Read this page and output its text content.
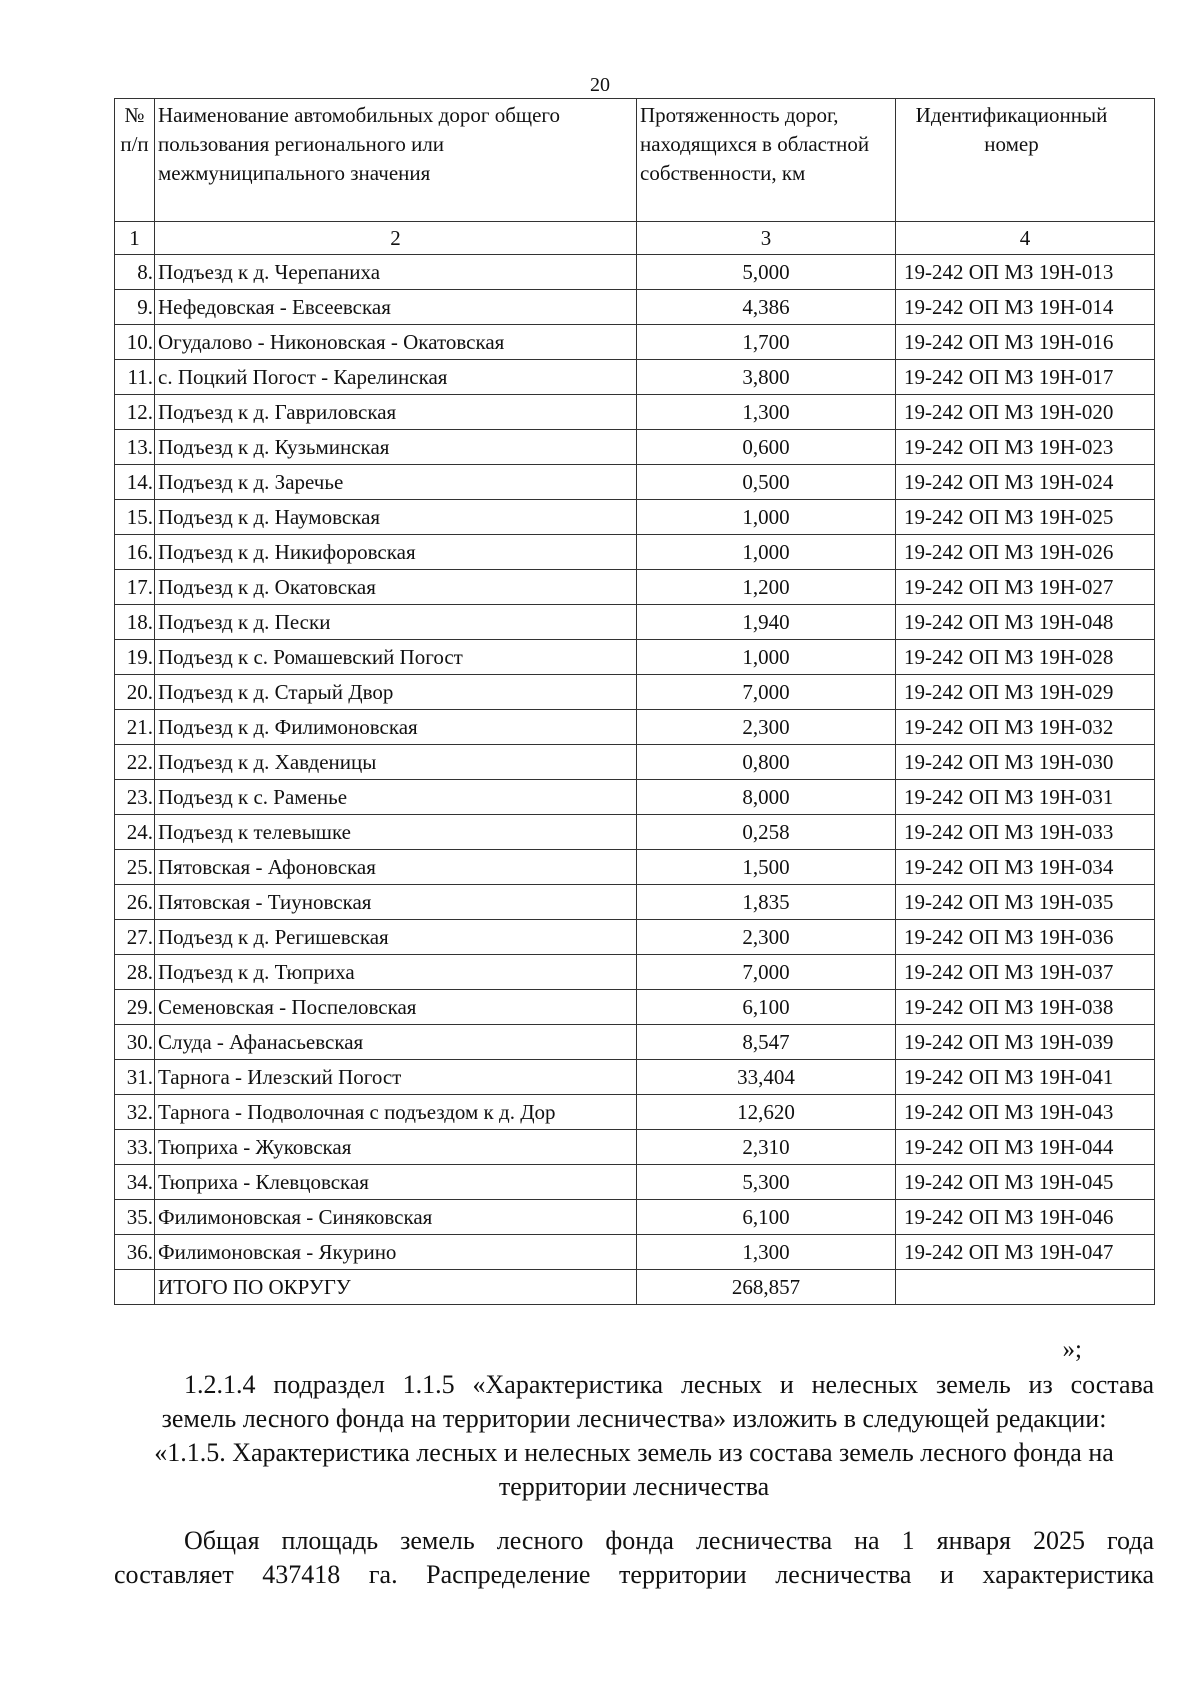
20
№ п/п	Наименование автомобильных дорог общего пользования регионального или межмуниципального значения	Протяженность дорог, находящихся в областной собственности, км	Идентификационный номер
1	2	3	4
8.	Подъезд к д. Черепаниха	5,000	19-242 ОП МЗ 19Н-013
9.	Нефедовская - Евсеевская	4,386	19-242 ОП МЗ 19Н-014
10.	Огудалово - Никоновская - Окатовская	1,700	19-242 ОП МЗ 19Н-016
11.	с. Поцкий Погост - Карелинская	3,800	19-242 ОП МЗ 19Н-017
12.	Подъезд к д. Гавриловская	1,300	19-242 ОП МЗ 19Н-020
13.	Подъезд к д. Кузьминская	0,600	19-242 ОП МЗ 19Н-023
14.	Подъезд к д. Заречье	0,500	19-242 ОП МЗ 19Н-024
15.	Подъезд к д. Наумовская	1,000	19-242 ОП МЗ 19Н-025
16.	Подъезд к д. Никифоровская	1,000	19-242 ОП МЗ 19Н-026
17.	Подъезд к д. Окатовская	1,200	19-242 ОП МЗ 19Н-027
18.	Подъезд к д. Пески	1,940	19-242 ОП МЗ 19Н-048
19.	Подъезд к с. Ромашевский Погост	1,000	19-242 ОП МЗ 19Н-028
20.	Подъезд к д. Старый Двор	7,000	19-242 ОП МЗ 19Н-029
21.	Подъезд к д. Филимоновская	2,300	19-242 ОП МЗ 19Н-032
22.	Подъезд к д. Хавденицы	0,800	19-242 ОП МЗ 19Н-030
23.	Подъезд к с. Раменье	8,000	19-242 ОП МЗ 19Н-031
24.	Подъезд к телевышке	0,258	19-242 ОП МЗ 19Н-033
25.	Пятовская - Афоновская	1,500	19-242 ОП МЗ 19Н-034
26.	Пятовская - Тиуновская	1,835	19-242 ОП МЗ 19Н-035
27.	Подъезд к д. Регишевская	2,300	19-242 ОП МЗ 19Н-036
28.	Подъезд к д. Тюприха	7,000	19-242 ОП МЗ 19Н-037
29.	Семеновская - Поспеловская	6,100	19-242 ОП МЗ 19Н-038
30.	Слуда - Афанасьевская	8,547	19-242 ОП МЗ 19Н-039
31.	Тарнога - Илезский Погост	33,404	19-242 ОП МЗ 19Н-041
32.	Тарнога - Подволочная с подъездом к д. Дор	12,620	19-242 ОП МЗ 19Н-043
33.	Тюприха - Жуковская	2,310	19-242 ОП МЗ 19Н-044
34.	Тюприха - Клевцовская	5,300	19-242 ОП МЗ 19Н-045
35.	Филимоновская - Синяковская	6,100	19-242 ОП МЗ 19Н-046
36.	Филимоновская - Якурино	1,300	19-242 ОП МЗ 19Н-047
	ИТОГО ПО ОКРУГУ	268,857	
»;

1.2.1.4 подраздел 1.1.5 «Характеристика лесных и нелесных земель из состава

земель лесного фонда на территории лесничества» изложить в следующей редакции:

«1.1.5. Характеристика лесных и нелесных земель из состава земель лесного фонда на территории лесничества

Общая площадь земель лесного фонда лесничества на 1 января 2025 года
составляет 437418 га. Распределение территории лесничества и характеристика
